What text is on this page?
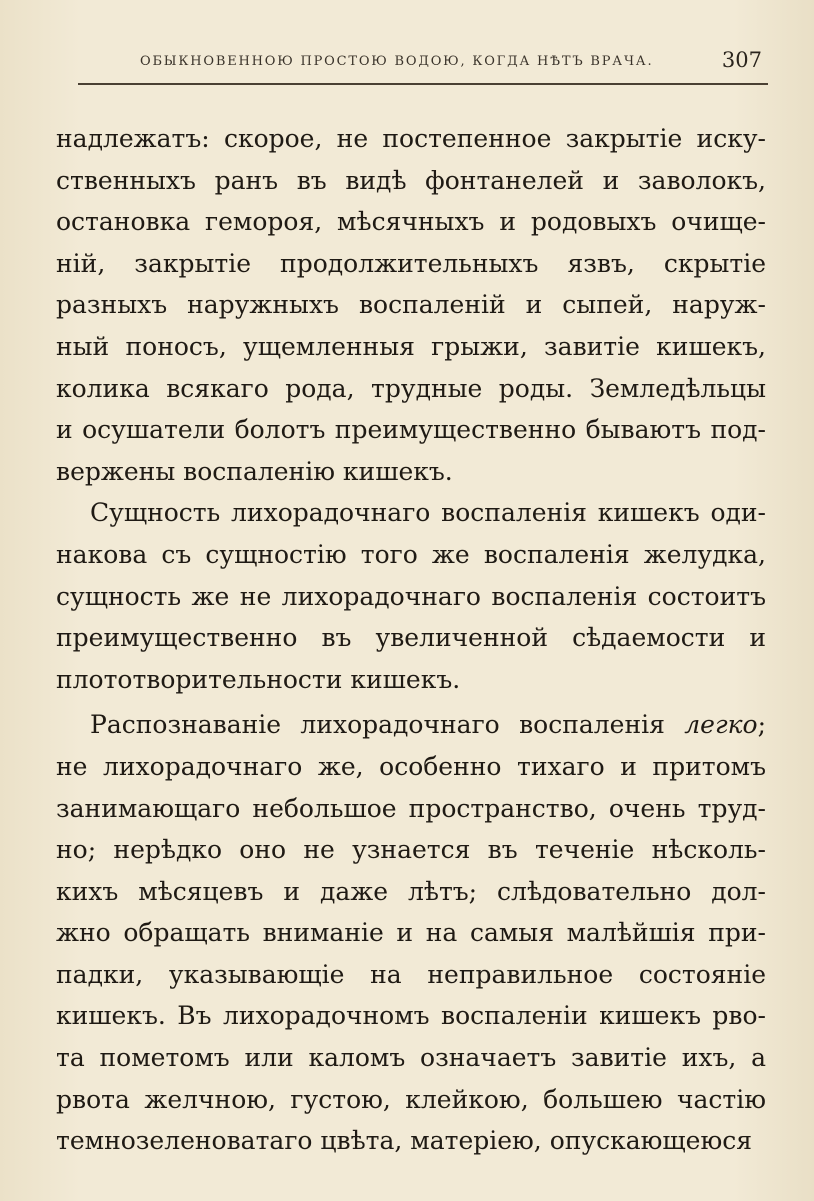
ОБЫКНОВЕННОЮ ПРОСТОЮ ВОДОЮ, КОГДА НѢТЪ ВРАЧА.	307
надлежатъ: скорое, не постепенное закрытіе иску-
ственныхъ ранъ въ видѣ фонтанелей и заволокъ,
остановка гемороя, мѣсячныхъ и родовыхъ очище-
ній, закрытіе продолжительныхъ язвъ, скрытіе
разныхъ наружныхъ воспаленій и сыпей, наруж-
ный поносъ, ущемленныя грыжи, завитіе кишекъ,
колика всякаго рода, трудные роды. Земледѣльцы
и осушатели болотъ преимущественно бываютъ под-
вержены воспаленію кишекъ.
Сущность лихорадочнаго воспаленія кишекъ оди-
накова съ сущностію того же воспаленія желудка,
сущность же не лихорадочнаго воспаленія состоитъ
преимущественно въ увеличенной сѣдаемости и
плототворительности кишекъ.
Распознаваніе лихорадочнаго воспаленія легко;
не лихорадочнаго же, особенно тихаго и притомъ
занимающаго небольшое пространство, очень труд-
но; нерѣдко оно не узнается въ теченіе нѣсколь-
кихъ мѣсяцевъ и даже лѣтъ; слѣдовательно дол-
жно обращать вниманіе и на самыя малѣйшія при-
падки, указывающіе на неправильное состояніе
кишекъ. Въ лихорадочномъ воспаленіи кишекъ рво-
та пометомъ или каломъ означаетъ завитіе ихъ, а
рвота желчною, густою, клейкою, большею частію
темнозеленоватаго цвѣта, матеріею, опускающеюся
